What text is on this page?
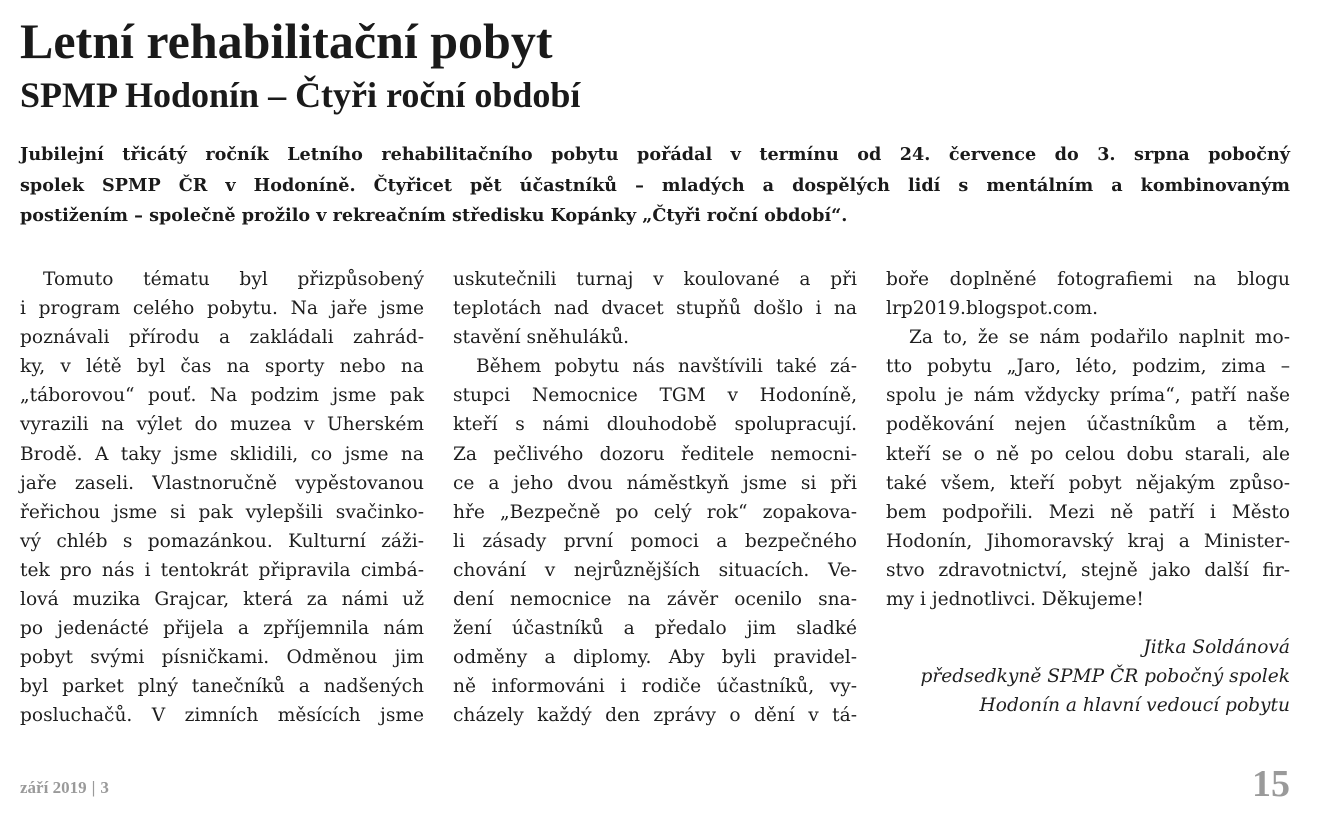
Letní rehabilitační pobyt
SPMP Hodonín – Čtyři roční období

Jubilejní třicátý ročník Letního rehabilitačního pobytu pořádal v termínu od 24. července do 3. srpna pobočný
spolek SPMP ČR v Hodoníně. Čtyřicet pět účastníků – mladých a dospělých lidí s mentálním a kombinovaným
postižením – společně prožilo v rekreačním středisku Kopánky „Čtyři roční období“.

Tomuto tématu byl přizpůsobený
i program celého pobytu. Na jaře jsme
poznávali přírodu a zakládali zahrád-
ky, v létě byl čas na sporty nebo na
„táborovou“ pouť. Na podzim jsme pak
vyrazili na výlet do muzea v Uherském
Brodě. A taky jsme sklidili, co jsme na
jaře zaseli. Vlastnoručně vypěstovanou
řeřichou jsme si pak vylepšili svačinko-
vý chléb s pomazánkou. Kulturní záži-
tek pro nás i tentokrát připravila cimbá-
lová muzika Grajcar, která za námi už
po jedenácté přijela a zpříjemnila nám
pobyt svými písničkami. Odměnou jim
byl parket plný tanečníků a nadšených
posluchačů. V zimních měsících jsme
uskutečnili turnaj v koulované a při
teplotách nad dvacet stupňů došlo i na
stavění sněhuláků.
Během pobytu nás navštívili také zá-
stupci Nemocnice TGM v Hodoníně,
kteří s námi dlouhodobě spolupracují.
Za pečlivého dozoru ředitele nemocni-
ce a jeho dvou náměstkyň jsme si při
hře „Bezpečně po celý rok“ zopakova-
li zásady první pomoci a bezpečného
chování v nejrůznějších situacích. Ve-
dení nemocnice na závěr ocenilo sna-
žení účastníků a předalo jim sladké
odměny a diplomy. Aby byli pravidel-
ně informováni i rodiče účastníků, vy-
cházely každý den zprávy o dění v tá-
boře doplněné fotografiemi na blogu
lrp2019.blogspot.com.
Za to, že se nám podařilo naplnit mo-
tto pobytu „Jaro, léto, podzim, zima –
spolu je nám vždycky príma“, patří naše
poděkování nejen účastníkům a těm,
kteří se o ně po celou dobu starali, ale
také všem, kteří pobyt nějakým způso-
bem podpořili. Mezi ně patří i Město
Hodonín, Jihomoravský kraj a Minister-
stvo zdravotnictví, stejně jako další fir-
my i jednotlivci. Děkujeme!
Jitka Soldánová
předsedkyně SPMP ČR pobočný spolek
Hodonín a hlavní vedoucí pobytu
září 2019 | 3	15
